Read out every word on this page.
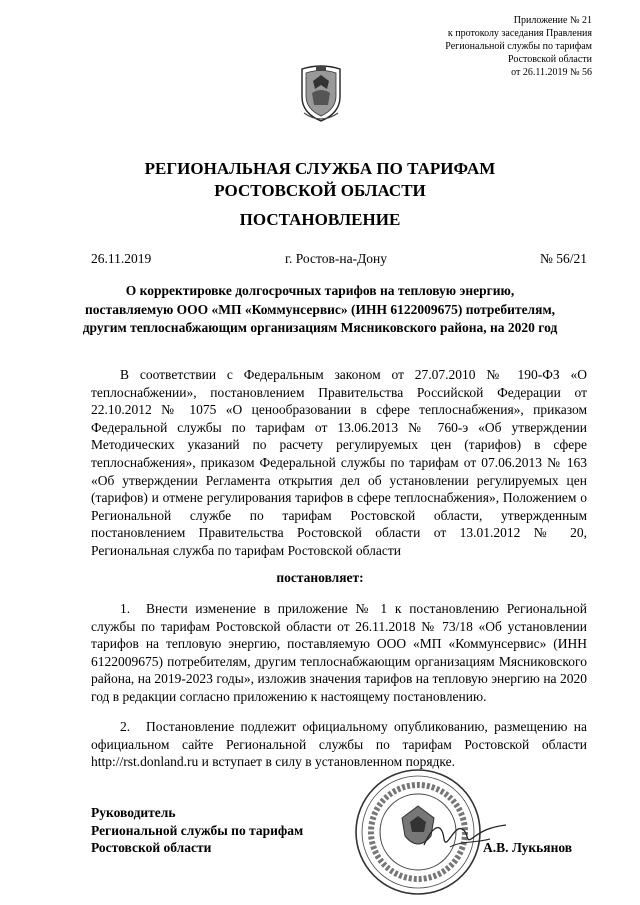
Приложение № 21
к протоколу заседания Правления
Региональной службы по тарифам
Ростовской области
от 26.11.2019 № 56
РЕГИОНАЛЬНАЯ СЛУЖБА ПО ТАРИФАМ
РОСТОВСКОЙ ОБЛАСТИ
ПОСТАНОВЛЕНИЕ
26.11.2019	г. Ростов-на-Дону	№ 56/21
О корректировке долгосрочных тарифов на тепловую энергию, поставляемую ООО «МП «Коммунсервис» (ИНН 6122009675) потребителям, другим теплоснабжающим организациям Мясниковского района, на 2020 год
В соответствии с Федеральным законом от 27.07.2010 № 190-ФЗ «О теплоснабжении», постановлением Правительства Российской Федерации от 22.10.2012 № 1075 «О ценообразовании в сфере теплоснабжения», приказом Федеральной службы по тарифам от 13.06.2013 № 760-э «Об утверждении Методических указаний по расчету регулируемых цен (тарифов) в сфере теплоснабжения», приказом Федеральной службы по тарифам от 07.06.2013 № 163 «Об утверждении Регламента открытия дел об установлении регулируемых цен (тарифов) и отмене регулирования тарифов в сфере теплоснабжения», Положением о Региональной службе по тарифам Ростовской области, утвержденным постановлением Правительства Ростовской области от 13.01.2012 № 20, Региональная служба по тарифам Ростовской области
постановляет:
1. Внести изменение в приложение № 1 к постановлению Региональной службы по тарифам Ростовской области от 26.11.2018 № 73/18 «Об установлении тарифов на тепловую энергию, поставляемую ООО «МП «Коммунсервис» (ИНН 6122009675) потребителям, другим теплоснабжающим организациям Мясниковского района, на 2019-2023 годы», изложив значения тарифов на тепловую энергию на 2020 год в редакции согласно приложению к настоящему постановлению.
2. Постановление подлежит официальному опубликованию, размещению на официальном сайте Региональной службы по тарифам Ростовской области http://rst.donland.ru и вступает в силу в установленном порядке.
Руководитель
Региональной службы по тарифам
Ростовской области	А.В. Лукьянов
